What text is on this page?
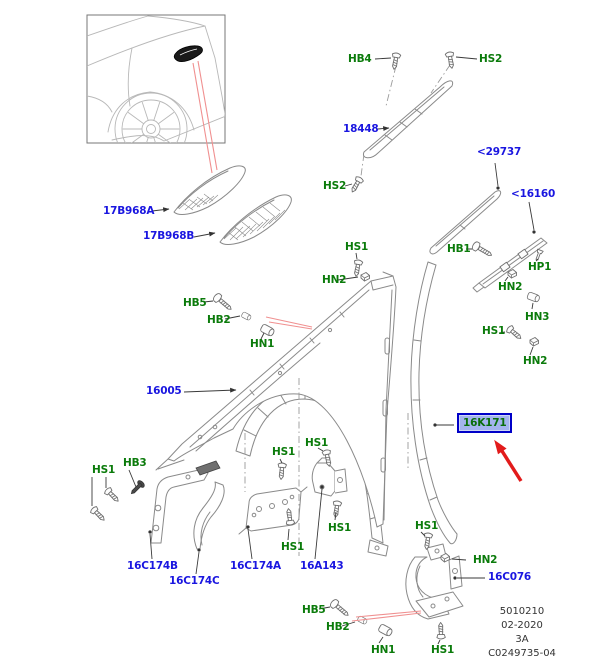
17B968A
17B968B
18448
<29737
<16160
16005
16C174B
16C174C
16C174A 16A143
16C076
16K171
HB4	HS2
HS2
HS1
HN2
HB1
HP1
HN2
HN3
HS1
HN2
HB5
HB2
HN1
HS1
HB3
HS1
HS1
HS1
HS1
HS1
HN2
HB5
HB2
HN1	HS1
5010210
02-2020
3A
C0249735-04
